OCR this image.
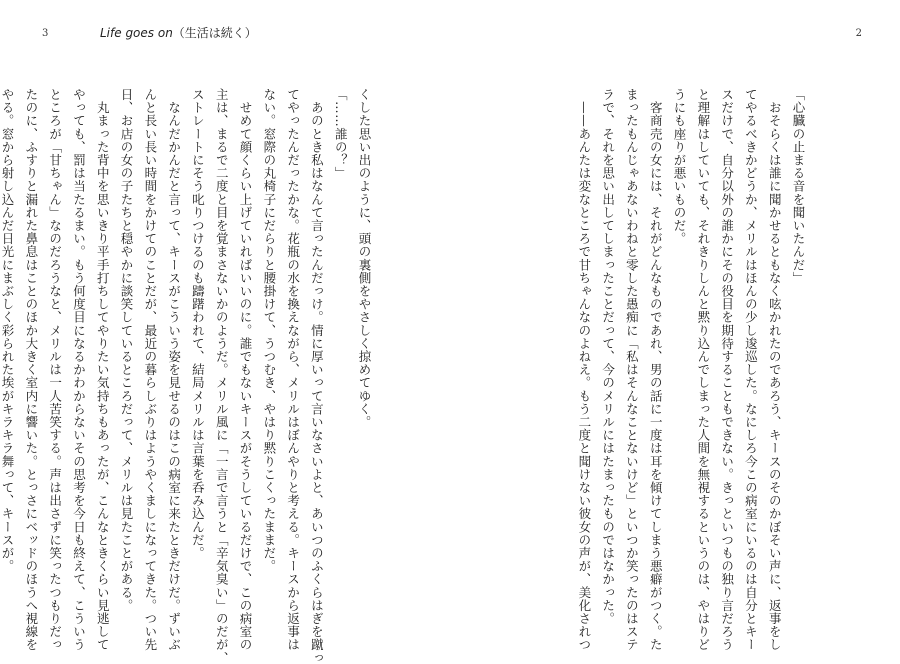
3	Life goes on（生活は続く）
くした思い出のように、頭の裏側をやさしく掠めてゆく。
「……誰の？」
　あのとき私はなんて言ったんだっけ。情に厚いって言いなさいよと、あいつのふくらはぎを蹴っ
てやったんだったかな。花瓶の水を換えながら、メリルはぼんやりと考える。キースから返事は
ない。窓際の丸椅子にだらりと腰掛けて、うつむき、やはり黙りこくったままだ。
　せめて顔くらい上げていればいいのに。誰でもないキースがそうしているだけで、この病室の
主は、まるで二度と目を覚まさないかのようだ。メリル風に「一言で言うと「辛気臭い」のだが、
ストレートにそう叱りつけるのも躊躇われて、結局メリルは言葉を呑み込んだ。
　なんだかんだと言って、キースがこういう姿を見せるのはこの病室に来たときだけだ。ずいぶ
んと長い長い時間をかけてのことだが、最近の暮らしぶりはようやくましになってきた。つい先
日、お店の女の子たちと穏やかに談笑しているところだって、メリルは見たことがある。
　丸まった背中を思いきり平手打ちしてやりたい気持ちもあったが、こんなときくらい見逃して
やっても、罰は当たるまい。もう何度目になるかわからないその思考を今日も終えて、こういう
ところが「甘ちゃん」なのだろうなと、メリルは一人苦笑する。声は出さずに笑ったつもりだっ
たのに、ふすりと漏れた鼻息はことのほか大きく室内に響いた。とっさにベッドのほうへ視線を
やる。窓から射し込んだ日光にまぶしく彩られた埃がキラキラ舞って、キースが。
2
「心臓の止まる音を聞いたんだ」
　おそらくは誰に聞かせるともなく呟かれたのであろう、キースのそのかぼそい声に、返事をし
てやるべきかどうか、メリルはほんの少し逡巡した。なにしろ今この病室にいるのは自分とキー
スだけで、自分以外の誰かにその役目を期待することもできない。きっといつもの独り言だろう
と理解はしていても、それきりしんと黙り込んでしまった人間を無視するというのは、やはりど
うにも座りが悪いものだ。
　客商売の女には、それがどんなものであれ、男の話に一度は耳を傾けてしまう悪癖がつく。た
まったもんじゃあないわねと零した愚痴に「私はそんなことないけど」といつか笑ったのはステ
ラで、それを思い出してしまったことだって、今のメリルにはたまったものではなかった。
　——あんたは変なところで甘ちゃんなのよねえ。もう二度と聞けない彼女の声が、美化されつ
